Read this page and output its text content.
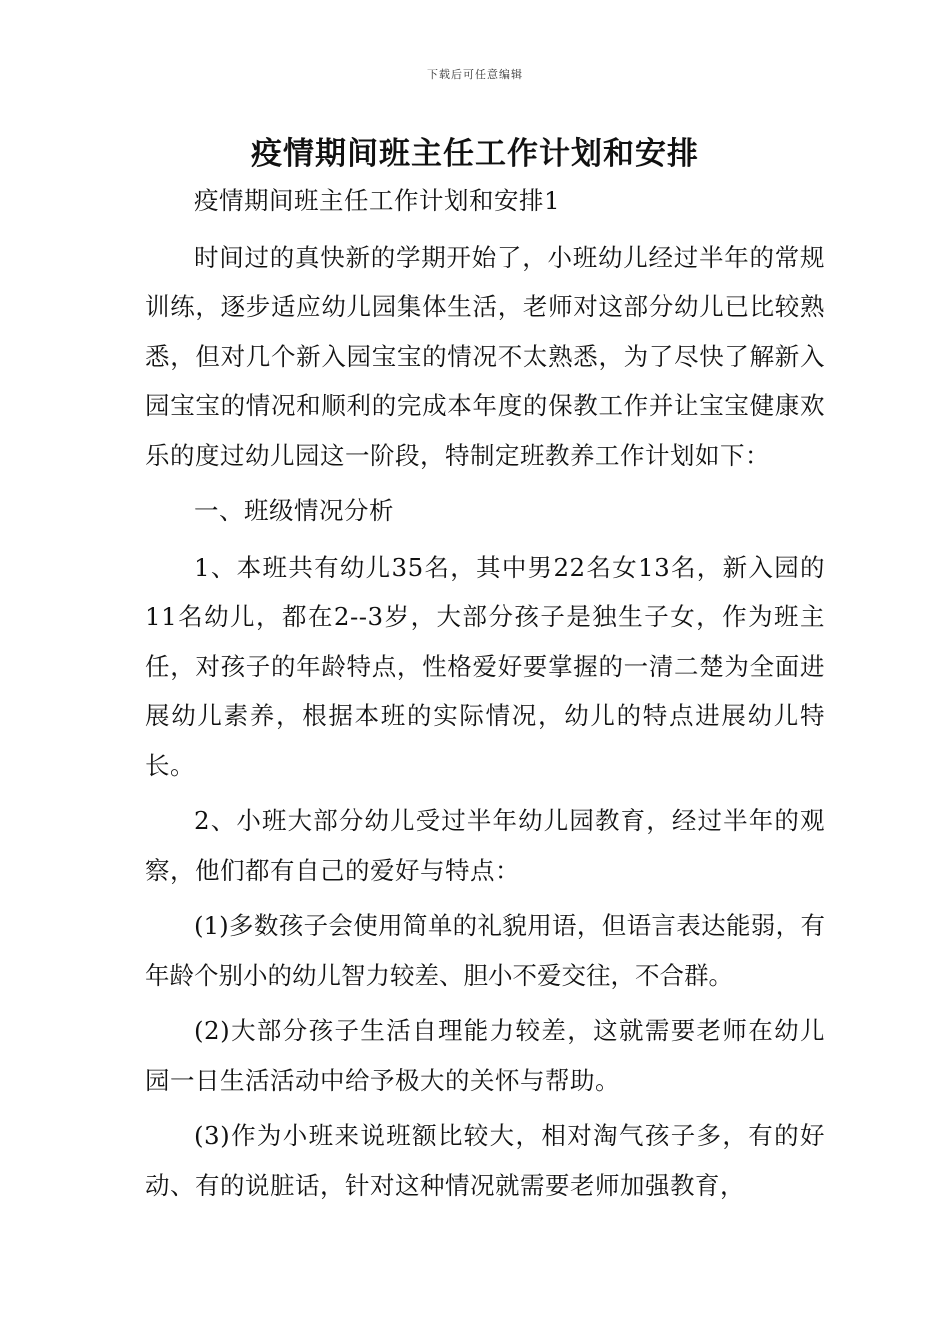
下载后可任意编辑
疫情期间班主任工作计划和安排

疫情期间班主任工作计划和安排1

时间过的真快新的学期开始了，小班幼儿经过半年的常规训练，逐步适应幼儿园集体生活，老师对这部分幼儿已比较熟悉，但对几个新入园宝宝的情况不太熟悉，为了尽快了解新入园宝宝的情况和顺利的完成本年度的保教工作并让宝宝健康欢乐的度过幼儿园这一阶段，特制定班教养工作计划如下：

一、班级情况分析

1、本班共有幼儿35名，其中男22名女13名，新入园的11名幼儿，都在2--3岁，大部分孩子是独生子女，作为班主任，对孩子的年龄特点，性格爱好要掌握的一清二楚为全面进展幼儿素养，根据本班的实际情况，幼儿的特点进展幼儿特长。

2、小班大部分幼儿受过半年幼儿园教育，经过半年的观察，他们都有自己的爱好与特点：

(1)多数孩子会使用简单的礼貌用语，但语言表达能弱，有年龄个别小的幼儿智力较差、胆小不爱交往，不合群。

(2)大部分孩子生活自理能力较差，这就需要老师在幼儿园一日生活活动中给予极大的关怀与帮助。

(3)作为小班来说班额比较大，相对淘气孩子多，有的好动、有的说脏话，针对这种情况就需要老师加强教育，
